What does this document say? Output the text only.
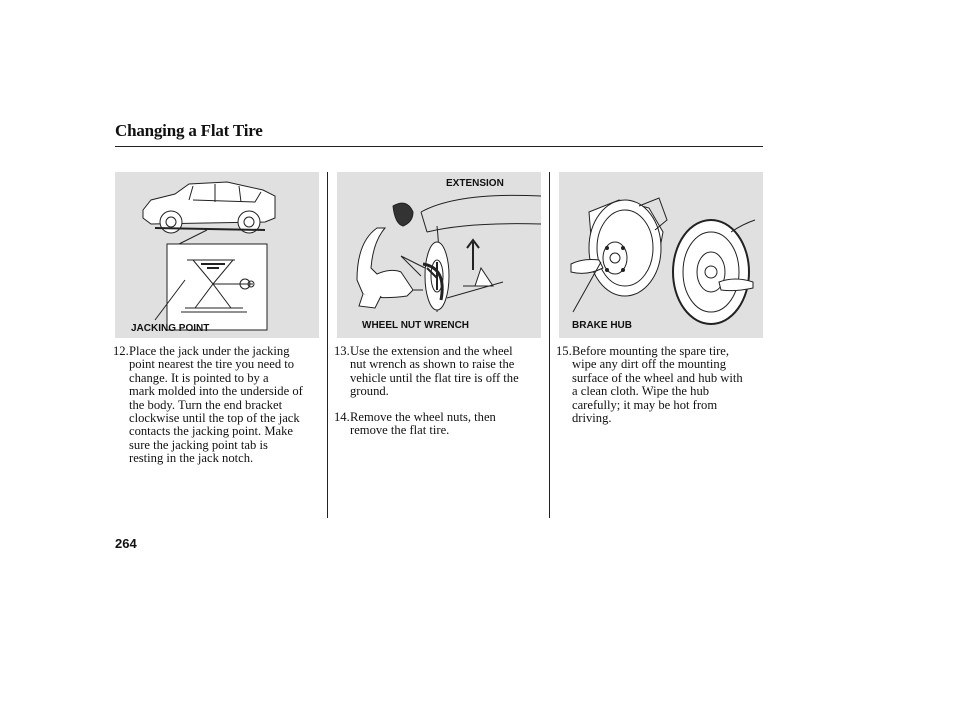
Changing a Flat Tire
JACKING POINT
EXTENSION
WHEEL NUT WRENCH	BRAKE HUB
12. Place the jack under the jacking
point nearest the tire you need to
change. It is pointed to by a
mark molded into the underside of
the body. Turn the end bracket
clockwise until the top of the jack
contacts the jacking point. Make
sure the jacking point tab is
resting in the jack notch.
13. Use the extension and the wheel
nut wrench as shown to raise the
vehicle until the flat tire is off the
ground.
14. Remove the wheel nuts, then
remove the flat tire.
15. Before mounting the spare tire,
wipe any dirt off the mounting
surface of the wheel and hub with
a clean cloth. Wipe the hub
carefully; it may be hot from
driving.
264
